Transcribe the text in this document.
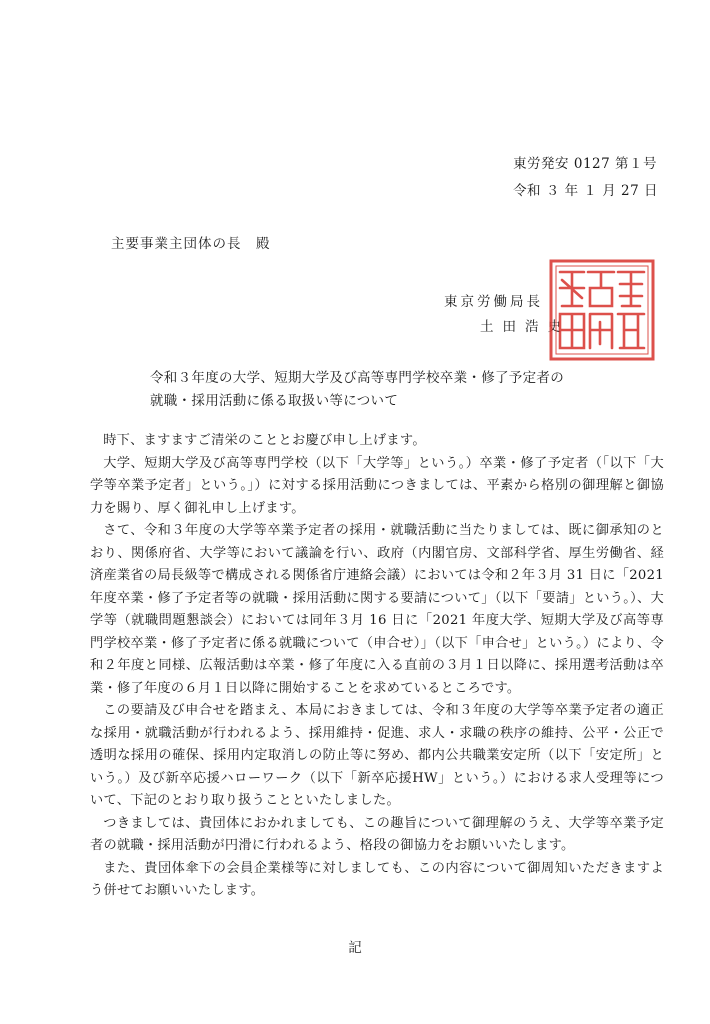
東労発安 0127 第１号
令和 ３ 年 １ 月 27 日
主要事業主団体の長　殿
東京労働局長
土田浩史
令和３年度の大学、短期大学及び高等専門学校卒業・修了予定者の
就職・採用活動に係る取扱い等について

時下、ますますご清栄のこととお慶び申し上げます。

大学、短期大学及び高等専門学校（以下「大学等」という。）卒業・修了予定者（「以下「大学等卒業予定者」という。」）に対する採用活動につきましては、平素から格別の御理解と御協力を賜り、厚く御礼申し上げます。

さて、令和３年度の大学等卒業予定者の採用・就職活動に当たりましては、既に御承知のとおり、関係府省、大学等において議論を行い、政府（内閣官房、文部科学省、厚生労働省、経済産業省の局長級等で構成される関係省庁連絡会議）においては令和２年３月 31 日に「2021 年度卒業・修了予定者等の就職・採用活動に関する要請について」（以下「要請」という。）、大学等（就職問題懇談会）においては同年３月 16 日に「2021 年度大学、短期大学及び高等専門学校卒業・修了予定者に係る就職について（申合せ）」（以下「申合せ」という。）により、令和２年度と同様、広報活動は卒業・修了年度に入る直前の３月１日以降に、採用選考活動は卒業・修了年度の６月１日以降に開始することを求めているところです。

この要請及び申合せを踏まえ、本局におきましては、令和３年度の大学等卒業予定者の適正な採用・就職活動が行われるよう、採用維持・促進、求人・求職の秩序の維持、公平・公正で透明な採用の確保、採用内定取消しの防止等に努め、都内公共職業安定所（以下「安定所」という。）及び新卒応援ハローワーク（以下「新卒応援HW」という。）における求人受理等について、下記のとおり取り扱うことといたしました。

つきましては、貴団体におかれましても、この趣旨について御理解のうえ、大学等卒業予定者の就職・採用活動が円滑に行われるよう、格段の御協力をお願いいたします。

また、貴団体傘下の会員企業様等に対しましても、この内容について御周知いただきますよう併せてお願いいたします。

記
